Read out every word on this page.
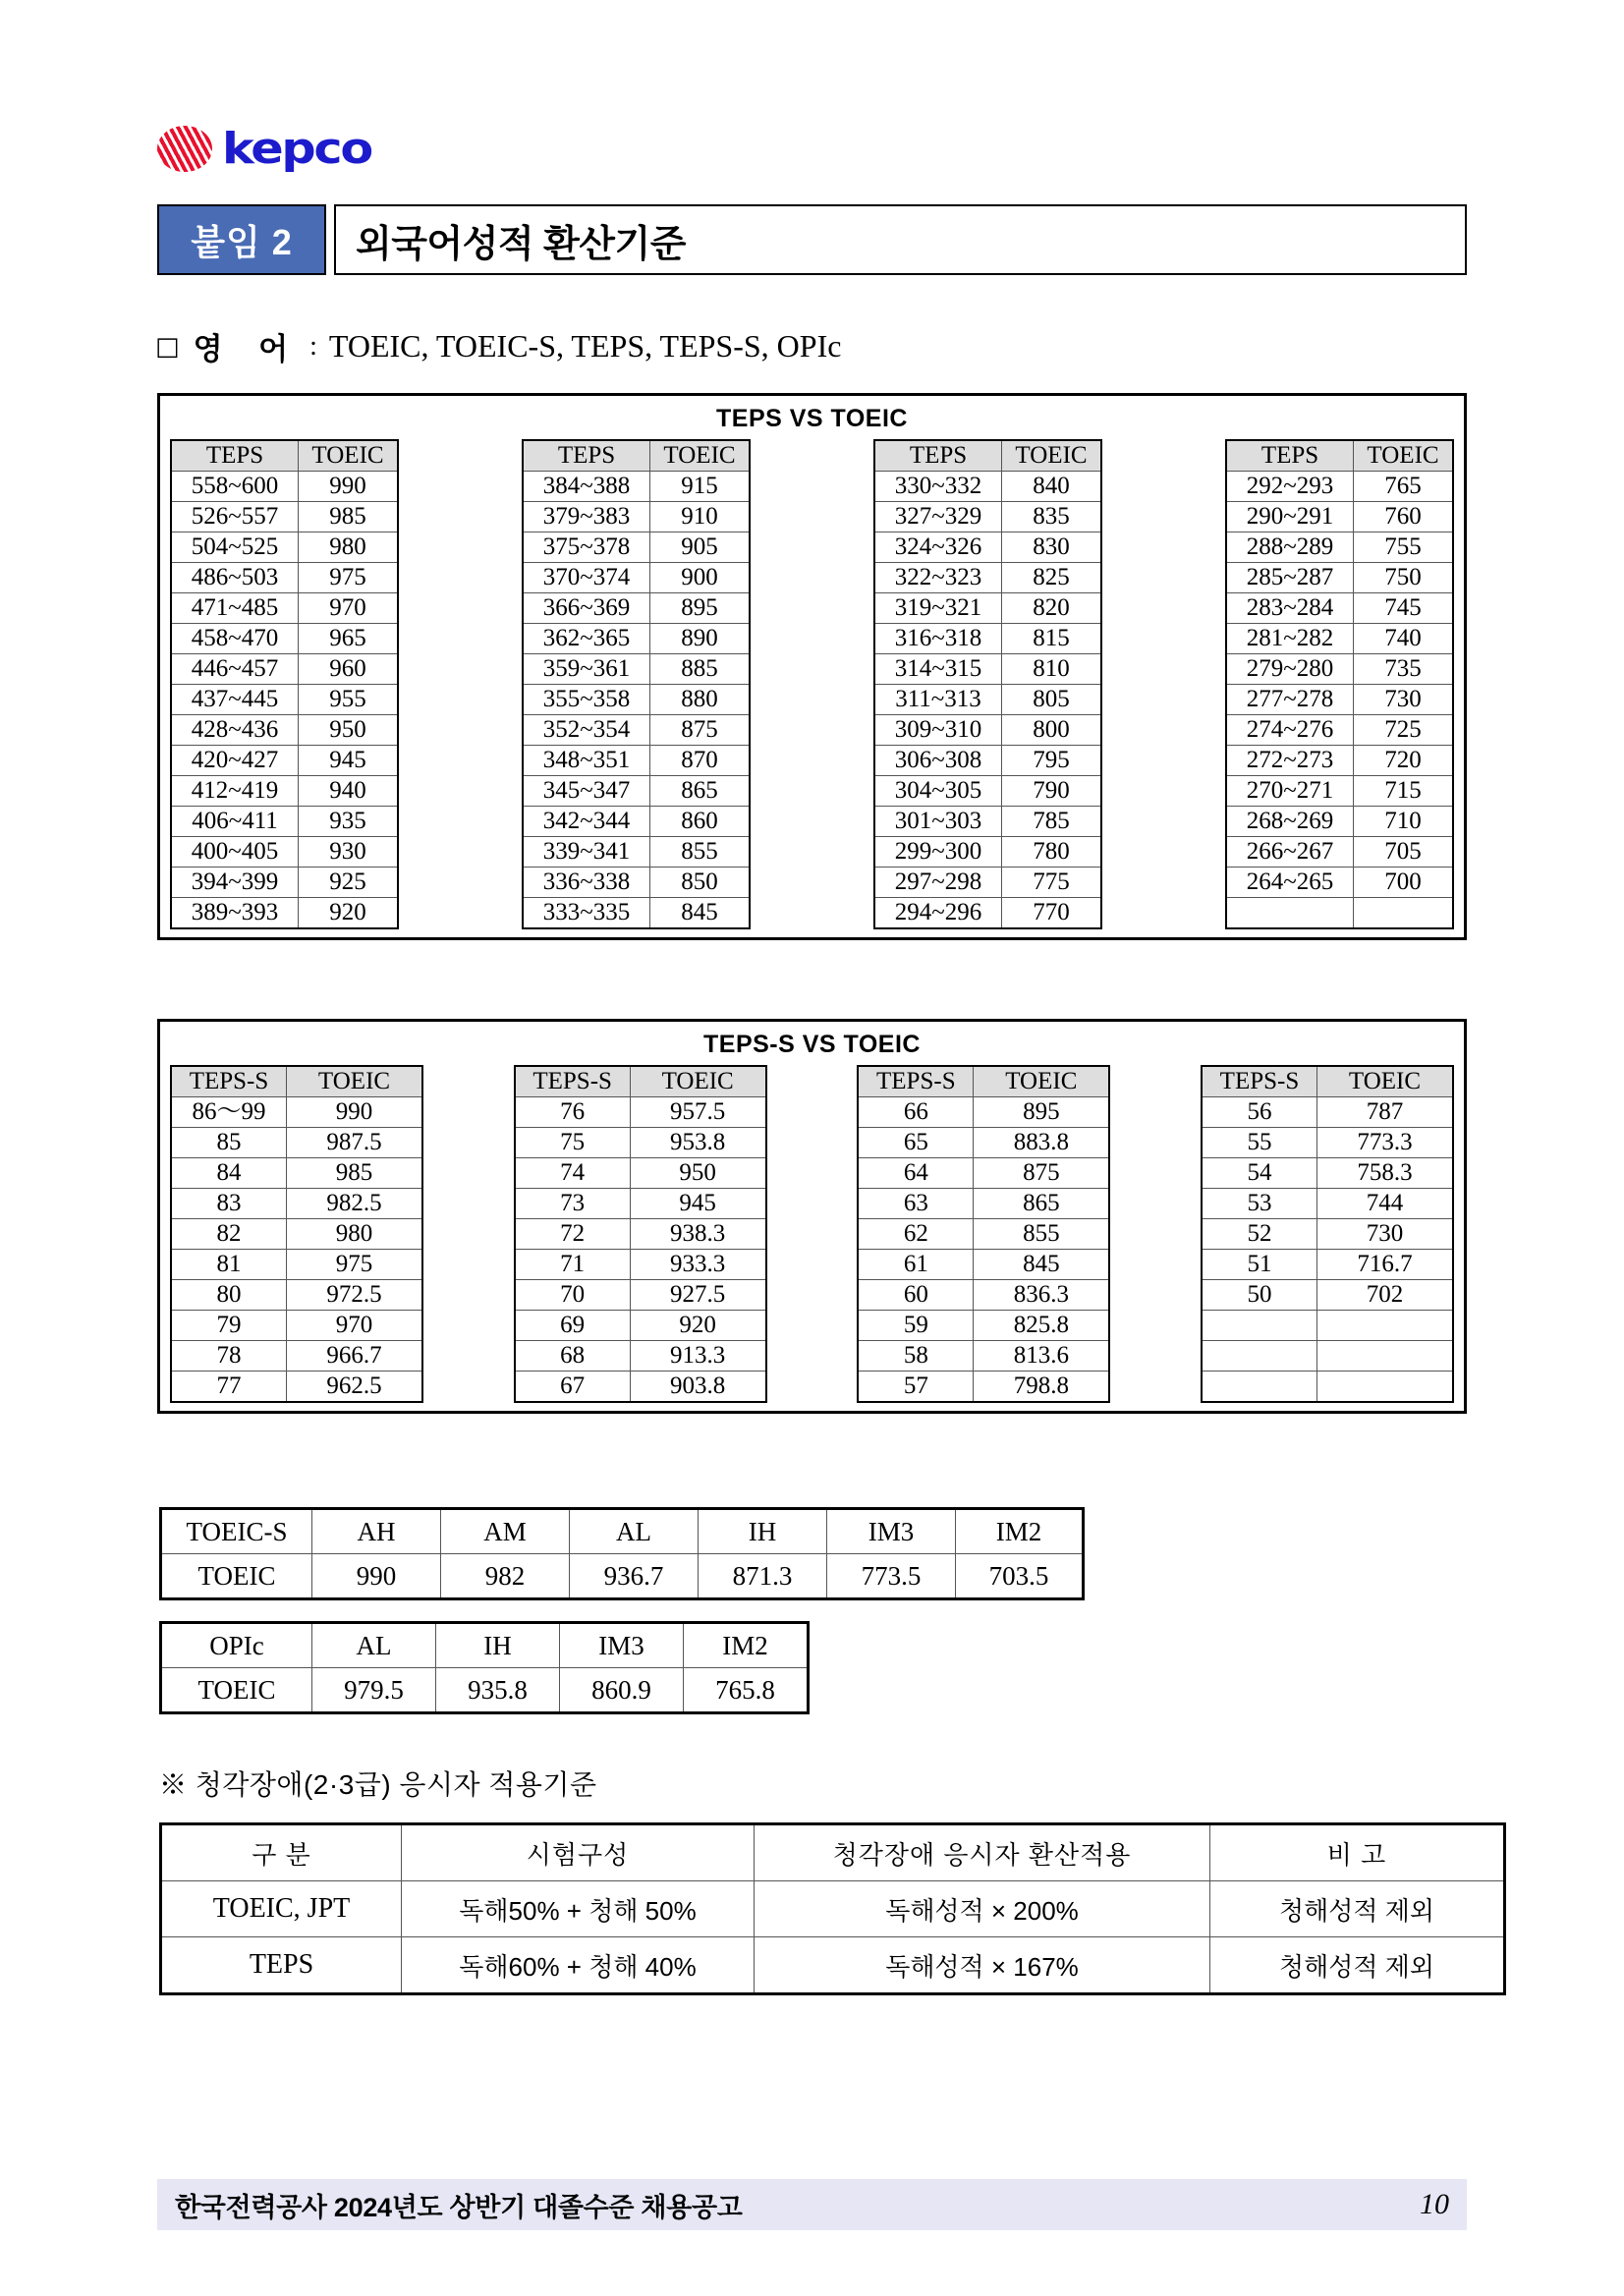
kepco
붙임 2	외국어성적 환산기준
□ 영 어 : TOEIC, TOEIC-S, TEPS, TEPS-S, OPIc
TEPS VS TOEIC
TEPS	TOEIC
558~600	990
526~557	985
504~525	980
486~503	975
471~485	970
458~470	965
446~457	960
437~445	955
428~436	950
420~427	945
412~419	940
406~411	935
400~405	930
394~399	925
389~393	920
TEPS	TOEIC
384~388	915
379~383	910
375~378	905
370~374	900
366~369	895
362~365	890
359~361	885
355~358	880
352~354	875
348~351	870
345~347	865
342~344	860
339~341	855
336~338	850
333~335	845
TEPS	TOEIC
330~332	840
327~329	835
324~326	830
322~323	825
319~321	820
316~318	815
314~315	810
311~313	805
309~310	800
306~308	795
304~305	790
301~303	785
299~300	780
297~298	775
294~296	770
TEPS	TOEIC
292~293	765
290~291	760
288~289	755
285~287	750
283~284	745
281~282	740
279~280	735
277~278	730
274~276	725
272~273	720
270~271	715
268~269	710
266~267	705
264~265	700

TEPS-S VS TOEIC
TEPS-S	TOEIC
86〜99	990
85	987.5
84	985
83	982.5
82	980
81	975
80	972.5
79	970
78	966.7
77	962.5
TEPS-S	TOEIC
76	957.5
75	953.8
74	950
73	945
72	938.3
71	933.3
70	927.5
69	920
68	913.3
67	903.8
TEPS-S	TOEIC
66	895
65	883.8
64	875
63	865
62	855
61	845
60	836.3
59	825.8
58	813.6
57	798.8
TEPS-S	TOEIC
56	787
55	773.3
54	758.3
53	744
52	730
51	716.7
50	702

TOEIC-S	AH	AM	AL	IH	IM3	IM2
TOEIC	990	982	936.7	871.3	773.5	703.5
OPIc	AL	IH	IM3	IM2
TOEIC	979.5	935.8	860.9	765.8
※ 청각장애(2·3급) 응시자 적용기준
구 분	시험구성	청각장애 응시자 환산적용	비 고
TOEIC, JPT	독해50% + 청해 50%	독해성적 × 200%	청해성적 제외
TEPS	독해60% + 청해 40%	독해성적 × 167%	청해성적 제외
한국전력공사 2024년도 상반기 대졸수준 채용공고	10
